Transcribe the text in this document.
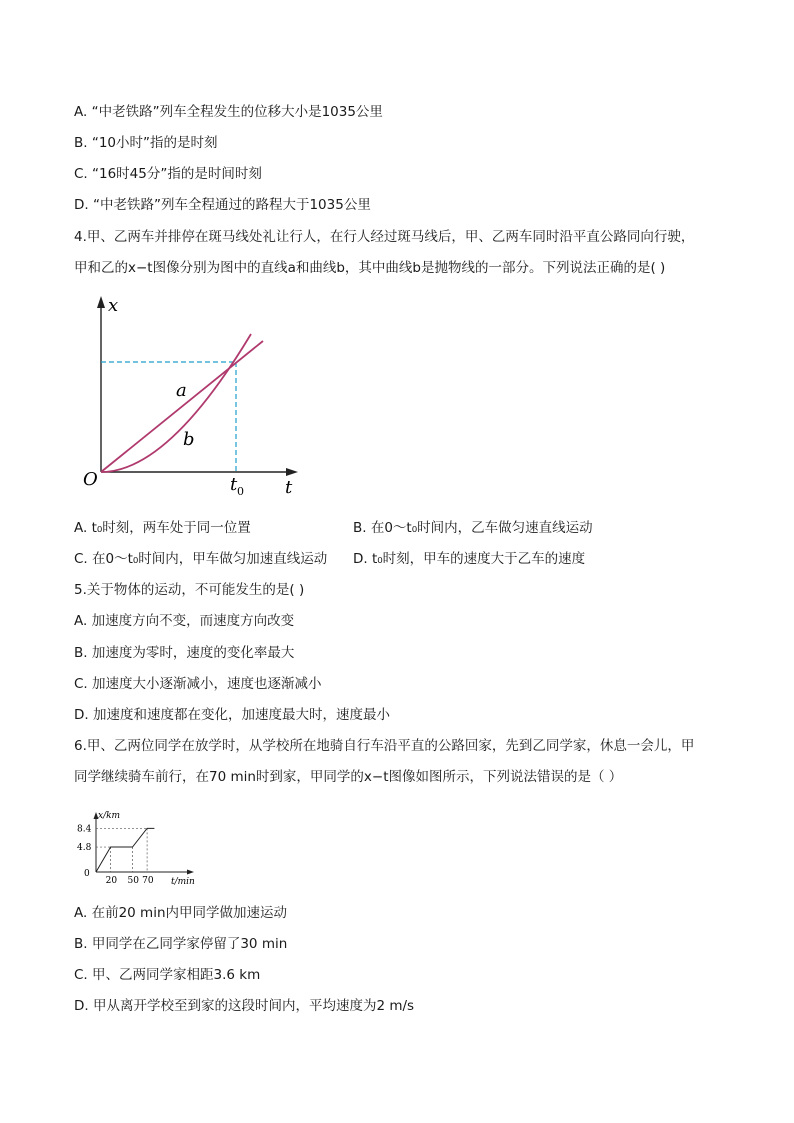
A. “中老铁路”列车全程发生的位移大小是1035公里
B. “10小时”指的是时刻
C. “16时45分”指的是时间时刻
D. “中老铁路”列车全程通过的路程大于1035公里
4.甲、乙两车并排停在斑马线处礼让行人，在行人经过斑马线后，甲、乙两车同时沿平直公路同向行驶，
甲和乙的x−t图像分别为图中的直线a和曲线b，其中曲线b是抛物线的一部分。下列说法正确的是( )
x
t
O	t 0
a
b
A. t₀时刻，两车处于同一位置	B. 在0～t₀时间内，乙车做匀速直线运动
C. 在0～t₀时间内，甲车做匀加速直线运动 D. t₀时刻，甲车的速度大于乙车的速度
5.关于物体的运动，不可能发生的是( )
A. 加速度方向不变，而速度方向改变
B. 加速度为零时，速度的变化率最大
C. 加速度大小逐渐减小，速度也逐渐减小
D. 加速度和速度都在变化，加速度最大时，速度最小
6.甲、乙两位同学在放学时，从学校所在地骑自行车沿平直的公路回家，先到乙同学家，休息一会儿，甲
同学继续骑车前行，在70 min时到家，甲同学的x−t图像如图所示，下列说法错误的是（ ）
8.4
4.8
20 50 70
x/km
t/min
0
A. 在前20 min内甲同学做加速运动
B. 甲同学在乙同学家停留了30 min
C. 甲、乙两同学家相距3.6 km
D. 甲从离开学校至到家的这段时间内，平均速度为2 m/s
